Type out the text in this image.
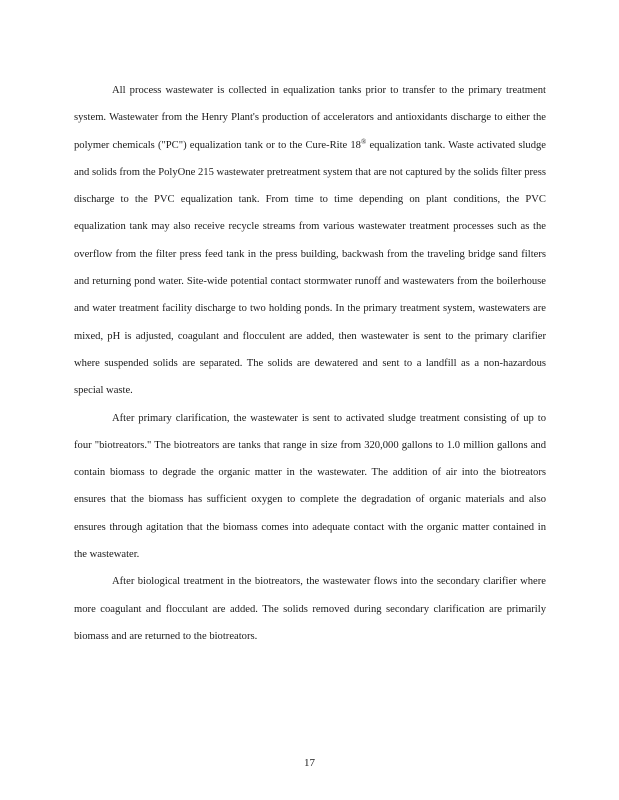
All process wastewater is collected in equalization tanks prior to transfer to the primary treatment system. Wastewater from the Henry Plant's production of accelerators and antioxidants discharge to either the polymer chemicals ("PC") equalization tank or to the Cure-Rite 18® equalization tank. Waste activated sludge and solids from the PolyOne 215 wastewater pretreatment system that are not captured by the solids filter press discharge to the PVC equalization tank. From time to time depending on plant conditions, the PVC equalization tank may also receive recycle streams from various wastewater treatment processes such as the overflow from the filter press feed tank in the press building, backwash from the traveling bridge sand filters and returning pond water. Site-wide potential contact stormwater runoff and wastewaters from the boilerhouse and water treatment facility discharge to two holding ponds. In the primary treatment system, wastewaters are mixed, pH is adjusted, coagulant and flocculent are added, then wastewater is sent to the primary clarifier where suspended solids are separated. The solids are dewatered and sent to a landfill as a non-hazardous special waste.

After primary clarification, the wastewater is sent to activated sludge treatment consisting of up to four "biotreators." The biotreators are tanks that range in size from 320,000 gallons to 1.0 million gallons and contain biomass to degrade the organic matter in the wastewater. The addition of air into the biotreators ensures that the biomass has sufficient oxygen to complete the degradation of organic materials and also ensures through agitation that the biomass comes into adequate contact with the organic matter contained in the wastewater.

After biological treatment in the biotreators, the wastewater flows into the secondary clarifier where more coagulant and flocculant are added. The solids removed during secondary clarification are primarily biomass and are returned to the biotreators.

17
